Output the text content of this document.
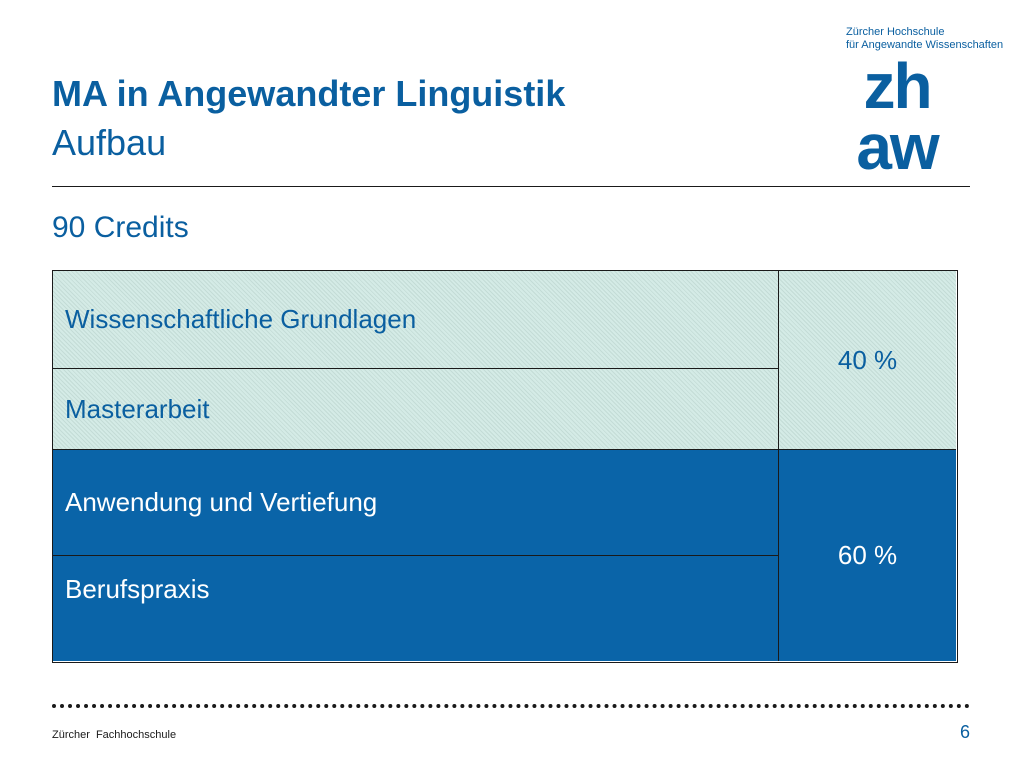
MA in Angewandter Linguistik
Aufbau
Zürcher Hochschule
für Angewandte Wissenschaften
zh
aw
90 Credits
Wissenschaftliche Grundlagen
Masterarbeit
40 %
Anwendung und Vertiefung
Berufspraxis
60 %
Zürcher Fachhochschule	6
